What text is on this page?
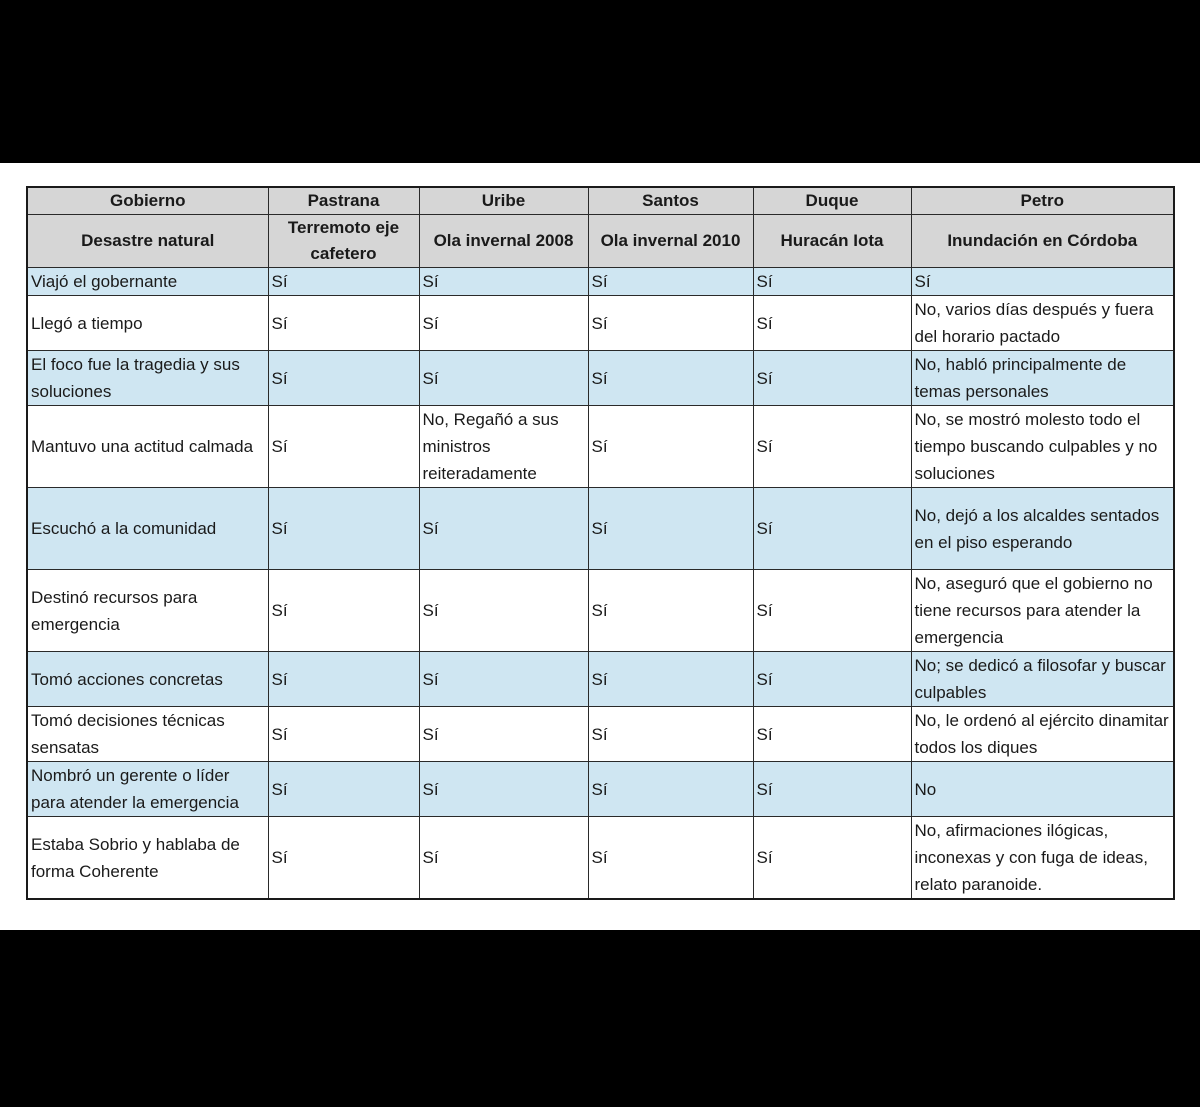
Gobierno	Pastrana	Uribe	Santos	Duque	Petro
Desastre natural	Terremoto eje cafetero	Ola invernal 2008	Ola invernal 2010	Huracán Iota	Inundación en Córdoba
Viajó el gobernante	Sí	Sí	Sí	Sí	Sí
Llegó a tiempo	Sí	Sí	Sí	Sí	No, varios días después y fuera del horario pactado
El foco fue la tragedia y sus soluciones	Sí	Sí	Sí	Sí	No, habló principalmente de temas personales
Mantuvo una actitud calmada	Sí	No, Regañó a sus ministros reiteradamente	Sí	Sí	No, se mostró molesto todo el tiempo buscando culpables y no soluciones
Escuchó a la comunidad	Sí	Sí	Sí	Sí	No, dejó a los alcaldes sentados en el piso esperando
Destinó recursos para emergencia	Sí	Sí	Sí	Sí	No, aseguró que el gobierno no tiene recursos para atender la emergencia
Tomó acciones concretas	Sí	Sí	Sí	Sí	No; se dedicó a filosofar y buscar culpables
Tomó decisiones técnicas sensatas	Sí	Sí	Sí	Sí	No, le ordenó al ejército dinamitar todos los diques
Nombró un gerente o líder para atender la emergencia	Sí	Sí	Sí	Sí	No
Estaba Sobrio y hablaba de forma Coherente	Sí	Sí	Sí	Sí	No, afirmaciones ilógicas, inconexas y con fuga de ideas, relato paranoide.
